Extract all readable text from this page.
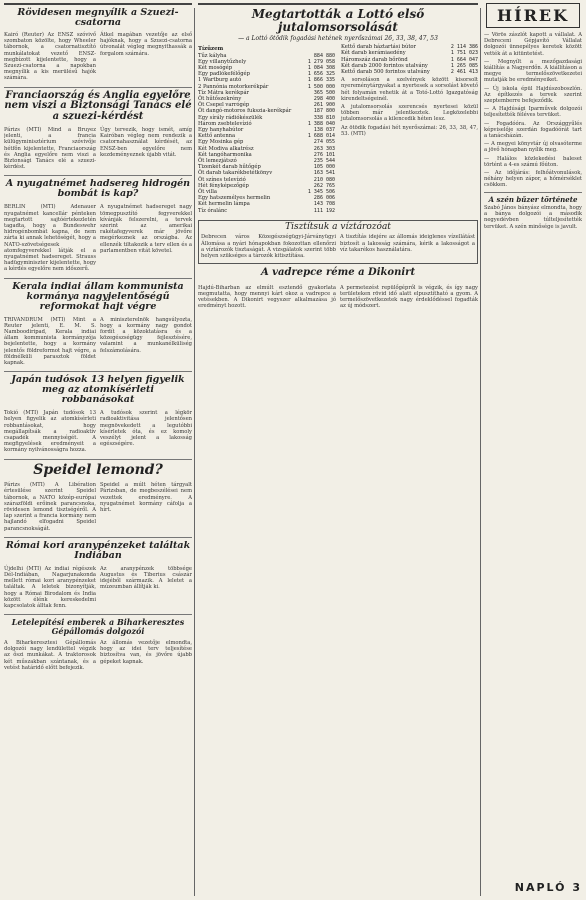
Rövidesen megnyílik a Szuezi-csatorna

Kairó (Reuter) Az ENSZ szóvivő szombaton közölte, hogy Wheeler tábornok, a csatornatisztító munkálatokat vezető ENSZ-megbízott kijelentette, hogy a Szuezi-csatorna a napokban megnyílik a kis merülésű hajók számára.

Átkel magában vezetője az első hajóknak, hogy a Szuezi-csatorna útvonalát végleg megnyithassák a forgalom számára.

Franciaország és Anglia egyelőre nem viszi a Biztonsági Tanács elé a szuezi-kérdést

Párizs (MTI) Mind a Bruyez jelenti, a francia külügyminisztérium szóvivője hétfőn kijelentette, Franciaország és Anglia egyelőre nem viszi a Biztonsági Tanács elé a szuezi-kérdést.

Úgy tervezik, hogy ismét, amíg Kairóban végleg nem rendezik a csatornahasználat kérdését, az ENSZ-ben egyelőre nem kezdeményeznek újabb vitát.

A nyugatnémet hadsereg hidrogén bombát is kap?

BERLIN (MTI) Adenauer nyugatnémet kancellár pénteken megtartott sajtóértekezletén tagadta, hogy a Bundeswehr hidrogénbombát kapna, de nem zárta ki annak lehetőségét, hogy a NATO-szövetségesek atomfegyverekkel látják el a nyugatnémet hadsereget. Strauss hadügyminiszter kijelentette, hogy a kérdés egyelőre nem időszerű.

A nyugatnémet hadsereget nagy tömegpusztító fegyverekkel kívánják felszerelni, a tervek szerint az amerikai rakétafegyverek már jövőre megérkeznek az országba. Az ellenzék tiltakozik a terv ellen és a parlamentben vitát követel.

Kerala indiai állam kommunista kormánya nagyjelentőségű reformokat hajt végre

TRIVANDRUM (MTI) Mint a Reuter jelenti, E. M. S. Namboodiripad, Kerala indiai állam kommunista kormányzója bejelentette, hogy a kormány jelentős földreformot hajt végre, a földnélküli parasztok földet kapnak.

A miniszterelnök hangsúlyozta, hogy a kormány nagy gondot fordít a közoktatásra és a közegészségügy fejlesztésére, valamint a munkanélküliség felszámolására.

Japán tudósok 13 helyen figyelik meg az atomkísérleti robbanásokat

Tokió (MTI) Japán tudósok 13 helyen figyelik az atomkísérleti robbantásokat, hogy megállapítsák a radioaktív csapadék mennyiségét. A megfigyelések eredményeit a kormány nyilvánosságra hozza.

A tudósok szerint a légkör radioaktivitása jelentősen megnövekedett a legutóbbi kísérletek óta, és ez komoly veszélyt jelent a lakosság egészségére.

Speidel lemond?

Párizs (MTI) A Libération értesülése szerint Speidel tábornok, a NATO közép-európai szárazföldi erőinek parancsnoka, rövidesen lemond tisztségéről. A lap szerint a francia kormány nem hajlandó elfogadni Speidel parancsnokságát.

Speidel a múlt héten tárgyalt Párizsban, de megbeszélései nem vezettek eredményre. A nyugatnémet kormány cáfolja a hírt.

Római kori aranypénzeket találtak Indiában

Újdelhi (MTI) Az indiai régészek Dél-Indiában, Nagarjunakonda mellett római kori aranypénzeket találtak. A leletek bizonyítják, hogy a Római Birodalom és India között élénk kereskedelmi kapcsolatok álltak fenn.

Az aranypénzek többsége Augustus és Tiberius császár idejéből származik. A leletet a múzeumban állítják ki.

Letelepítési emberek a Biharkeresztes Gépállomás dolgozói

A Biharkeresztesi Gépállomás dolgozói nagy lendülettel végzik az őszi munkákat. A traktorosok két műszakban szántanak, és a vetést határidő előtt befejezik.

Az állomás vezetője elmondta, hogy az idei terv teljesítése biztosítva van, és jövőre újabb gépeket kapnak.

Megtartották a Lottó első jutalomsorsolását
— a Lottó ötödik fogadási hetének nyerőszámai 26, 33, 38, 47, 53
Tízüzem
Tűz kályha	884 880
Egy villanytűzhely	1 279 058
Két mosógép	1 084 308
Egy padlókefélőgép	1 656 325
1 Wartburg autó	1 866 335
2 Pannónia motorkerékpár	1 500 000
Tíz Mátra kerékpár	365 500
Öt hűtőszekrény	298 400
Öt Csepel varrógép	261 900
Öt dangó-motoros fukszia-kerékpár	187 800
Egy sírály rádiókészülék	338 810
Három zsebtelevízió	1 388 040
Egy hanyhabútor	138 037
Kettő antenna	1 688 014
Egy Mosinka gép	274 055
Két Modiva alkatrész	263 303
Két tangóharmonika	276 101
Öt lemezjátszó	235 544
Tizenkét darab hűtőgép	105 000
Öt darab takarékbetétkönyv	163 541
Öt színes televízió	210 080
Hét fényképezőgép	262 765
Öt villa	1 345 506
Egy hatszemélyes hermelin	286 006
Két hermelin lámpa	143 708
Tíz óralánc	111 192
Kettő darab háztartási bútor	2 114 386
Két darab kerámiaedény	1 751 023
Háromszáz darab bőrönd	1 664 047
Két darab 2000 forintos utalvány	1 265 085
Kettő darab 500 forintos utalvány	2 461 413

A sorsoláson a szelvények között kisorsolt nyereménytárgyakat a nyertesek a sorsolást követő hét folyamán vehetik át a Totó-Lottó Igazgatóság kirendeltségeinél.

A jutalomsorsolás szerencsés nyertesei közül többen már jelentkeztek. Legközelebbi jutalomsorsolás a kilencedik héten lesz.

Az ötödik fogadási hét nyerőszámai: 26, 33, 38, 47, 53. (MTI)

Tisztítsuk a víztározóat

Debrecen város Közegészségügyi-Járványügyi Állomása a nyári hónapokban fokozottan ellenőrzi a víztározók tisztaságát. A vizsgálatok szerint több helyen szükséges a tározók kitisztítása.

A tisztítás idejére az állomás ideiglenes vízellátást biztosít a lakosság számára, kérik a lakosságot a víz takarékos használatára.

A vadrepce réme a Dikonirt

Hajdú-Biharban az elmúlt esztendő gyakorlata megmutatta, hogy mennyi kárt okoz a vadrepce a vetésekben. A Dikonirt vegyszer alkalmazása jó eredményt hozott.

A permetezést repülőgépről is végzik, és így nagy területeken rövid idő alatt elpusztítható a gyom. A termelőszövetkezetek nagy érdeklődéssel fogadták az új módszert.

HÍREK

— Vörös zászlót kapott a vállalat. A Debreceni Gépjavító Vállalat dolgozói ünnepélyes keretek között vették át a kitüntetést.

— Megnyílt a mezőgazdasági kiállítás a Nagyerdőn. A kiállításon a megye termelőszövetkezetei mutatják be eredményeiket.

— Új iskola épül Hajdúszoboszlón. Az építkezés a tervek szerint szeptemberre befejeződik.

— A Hajdúsági Iparművek dolgozói teljesítették féléves tervüket.

— Fogadóóra. Az Országgyűlés képviselője szerdán fogadóórát tart a tanácsházán.

— A megyei könyvtár új olvasóterme a jövő hónapban nyílik meg.

— Halálos közlekedési baleset történt a 4-es számú főúton.

— Az időjárás: felhőátvonulások, néhány helyen zápor, a hőmérséklet csökken.

A szén bűzer története

Szabó János bányász elmondta, hogy a bánya dolgozói a második negyedévben túlteljesítették tervüket. A szén minősége is javult.

NAPLÓ 3
